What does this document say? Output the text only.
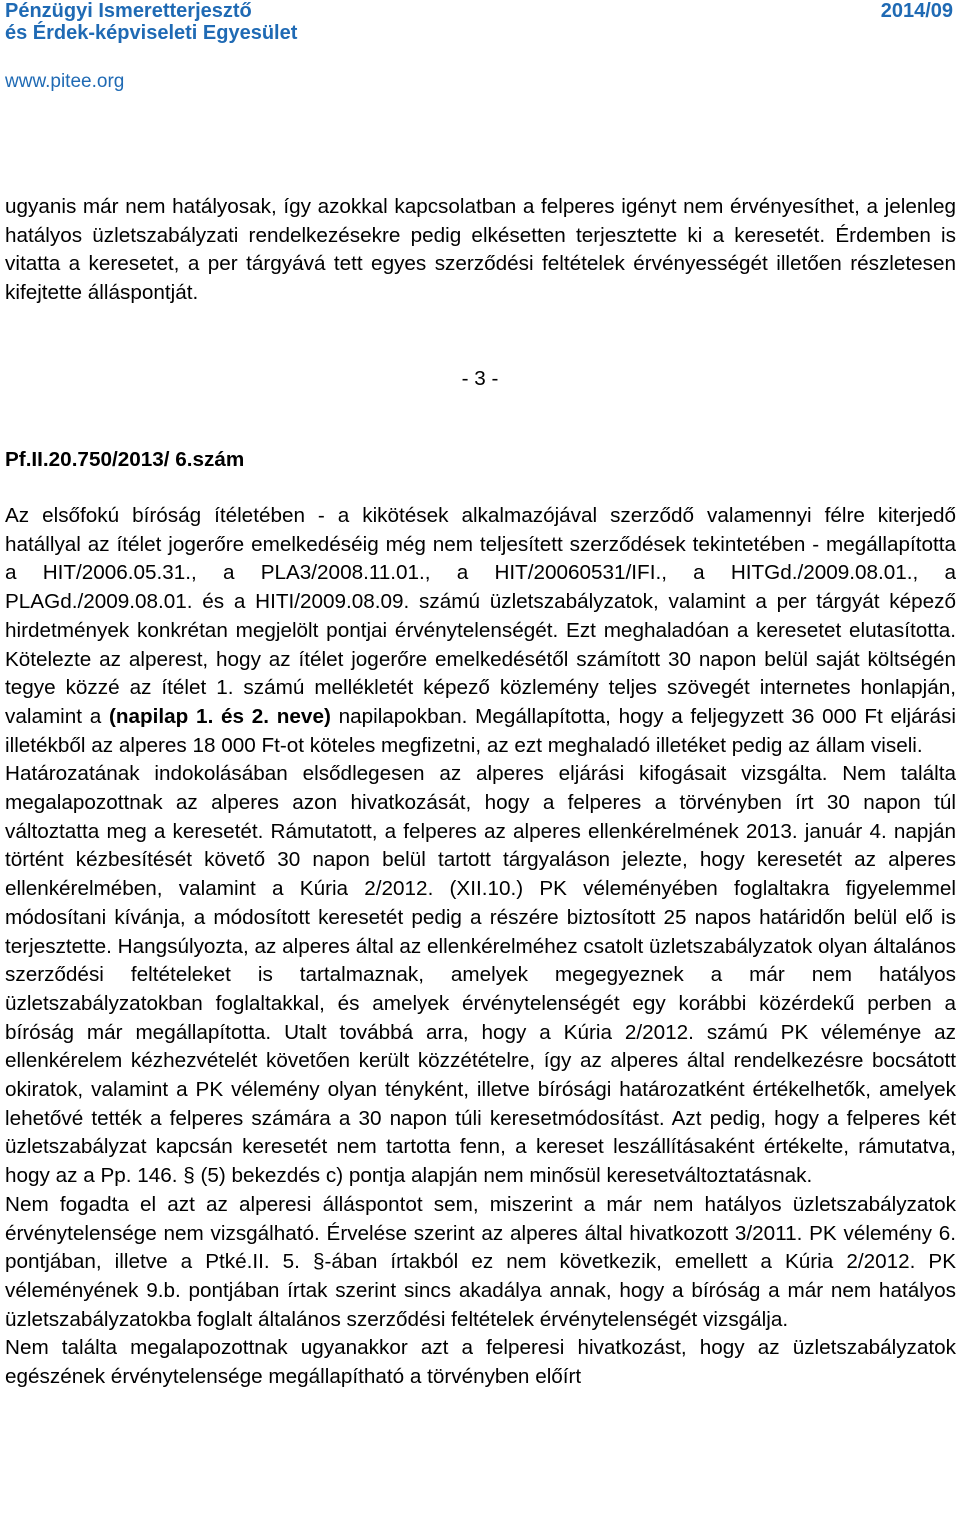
Pénzügyi Ismeretterjesztő
és Érdek-képviseleti Egyesület
2014/09
www.pitee.org

ugyanis már nem hatályosak, így azokkal kapcsolatban a felperes igényt nem érvényesíthet, a jelenleg hatályos üzletszabályzati rendelkezésekre pedig elkésetten terjesztette ki a keresetét. Érdemben is vitatta a keresetet, a per tárgyává tett egyes szerződési feltételek érvényességét illetően részletesen kifejtette álláspontját.

- 3 -
Pf.II.20.750/2013/ 6.szám

Az elsőfokú bíróság ítéletében - a kikötések alkalmazójával szerződő valamennyi félre kiterjedő hatállyal az ítélet jogerőre emelkedéséig még nem teljesített szerződések tekintetében - megállapította a HIT/2006.05.31., a PLA3/2008.11.01., a HIT/20060531/IFI., a HITGd./2009.08.01., a PLAGd./2009.08.01. és a HITI/2009.08.09. számú üzletszabályzatok, valamint a per tárgyát képező hirdetmények konkrétan megjelölt pontjai érvénytelenségét. Ezt meghaladóan a keresetet elutasította. Kötelezte az alperest, hogy az ítélet jogerőre emelkedésétől számított 30 napon belül saját költségén tegye közzé az ítélet 1. számú mellékletét képező közlemény teljes szövegét internetes honlapján, valamint a (napilap 1. és 2. neve) napilapokban. Megállapította, hogy a feljegyzett 36 000 Ft eljárási illetékből az alperes 18 000 Ft-ot köteles megfizetni, az ezt meghaladó illetéket pedig az állam viseli.

Határozatának indokolásában elsődlegesen az alperes eljárási kifogásait vizsgálta. Nem találta megalapozottnak az alperes azon hivatkozását, hogy a felperes a törvényben írt 30 napon túl változtatta meg a keresetét. Rámutatott, a felperes az alperes ellenkérelmének 2013. január 4. napján történt kézbesítését követő 30 napon belül tartott tárgyaláson jelezte, hogy keresetét az alperes ellenkérelmében, valamint a Kúria 2/2012. (XII.10.) PK véleményében foglaltakra figyelemmel módosítani kívánja, a módosított keresetét pedig a részére biztosított 25 napos határidőn belül elő is terjesztette. Hangsúlyozta, az alperes által az ellenkérelméhez csatolt üzletszabályzatok olyan általános szerződési feltételeket is tartalmaznak, amelyek megegyeznek a már nem hatályos üzletszabályzatokban foglaltakkal, és amelyek érvénytelenségét egy korábbi közérdekű perben a bíróság már megállapította. Utalt továbbá arra, hogy a Kúria 2/2012. számú PK véleménye az ellenkérelem kézhezvételét követően került közzétételre, így az alperes által rendelkezésre bocsátott okiratok, valamint a PK vélemény olyan tényként, illetve bírósági határozatként értékelhetők, amelyek lehetővé tették a felperes számára a 30 napon túli keresetmódosítást. Azt pedig, hogy a felperes két üzletszabályzat kapcsán keresetét nem tartotta fenn, a kereset leszállításaként értékelte, rámutatva, hogy az a Pp. 146. § (5) bekezdés c) pontja alapján nem minősül keresetváltoztatásnak.

Nem fogadta el azt az alperesi álláspontot sem, miszerint a már nem hatályos üzletszabályzatok érvénytelensége nem vizsgálható. Érvelése szerint az alperes által hivatkozott 3/2011. PK vélemény 6. pontjában, illetve a Ptké.II. 5. §-ában írtakból ez nem következik, emellett a Kúria 2/2012. PK véleményének 9.b. pontjában írtak szerint sincs akadálya annak, hogy a bíróság a már nem hatályos üzletszabályzatokba foglalt általános szerződési feltételek érvénytelenségét vizsgálja.

Nem találta megalapozottnak ugyanakkor azt a felperesi hivatkozást, hogy az üzletszabályzatok egészének érvénytelensége megállapítható a törvényben előírt
